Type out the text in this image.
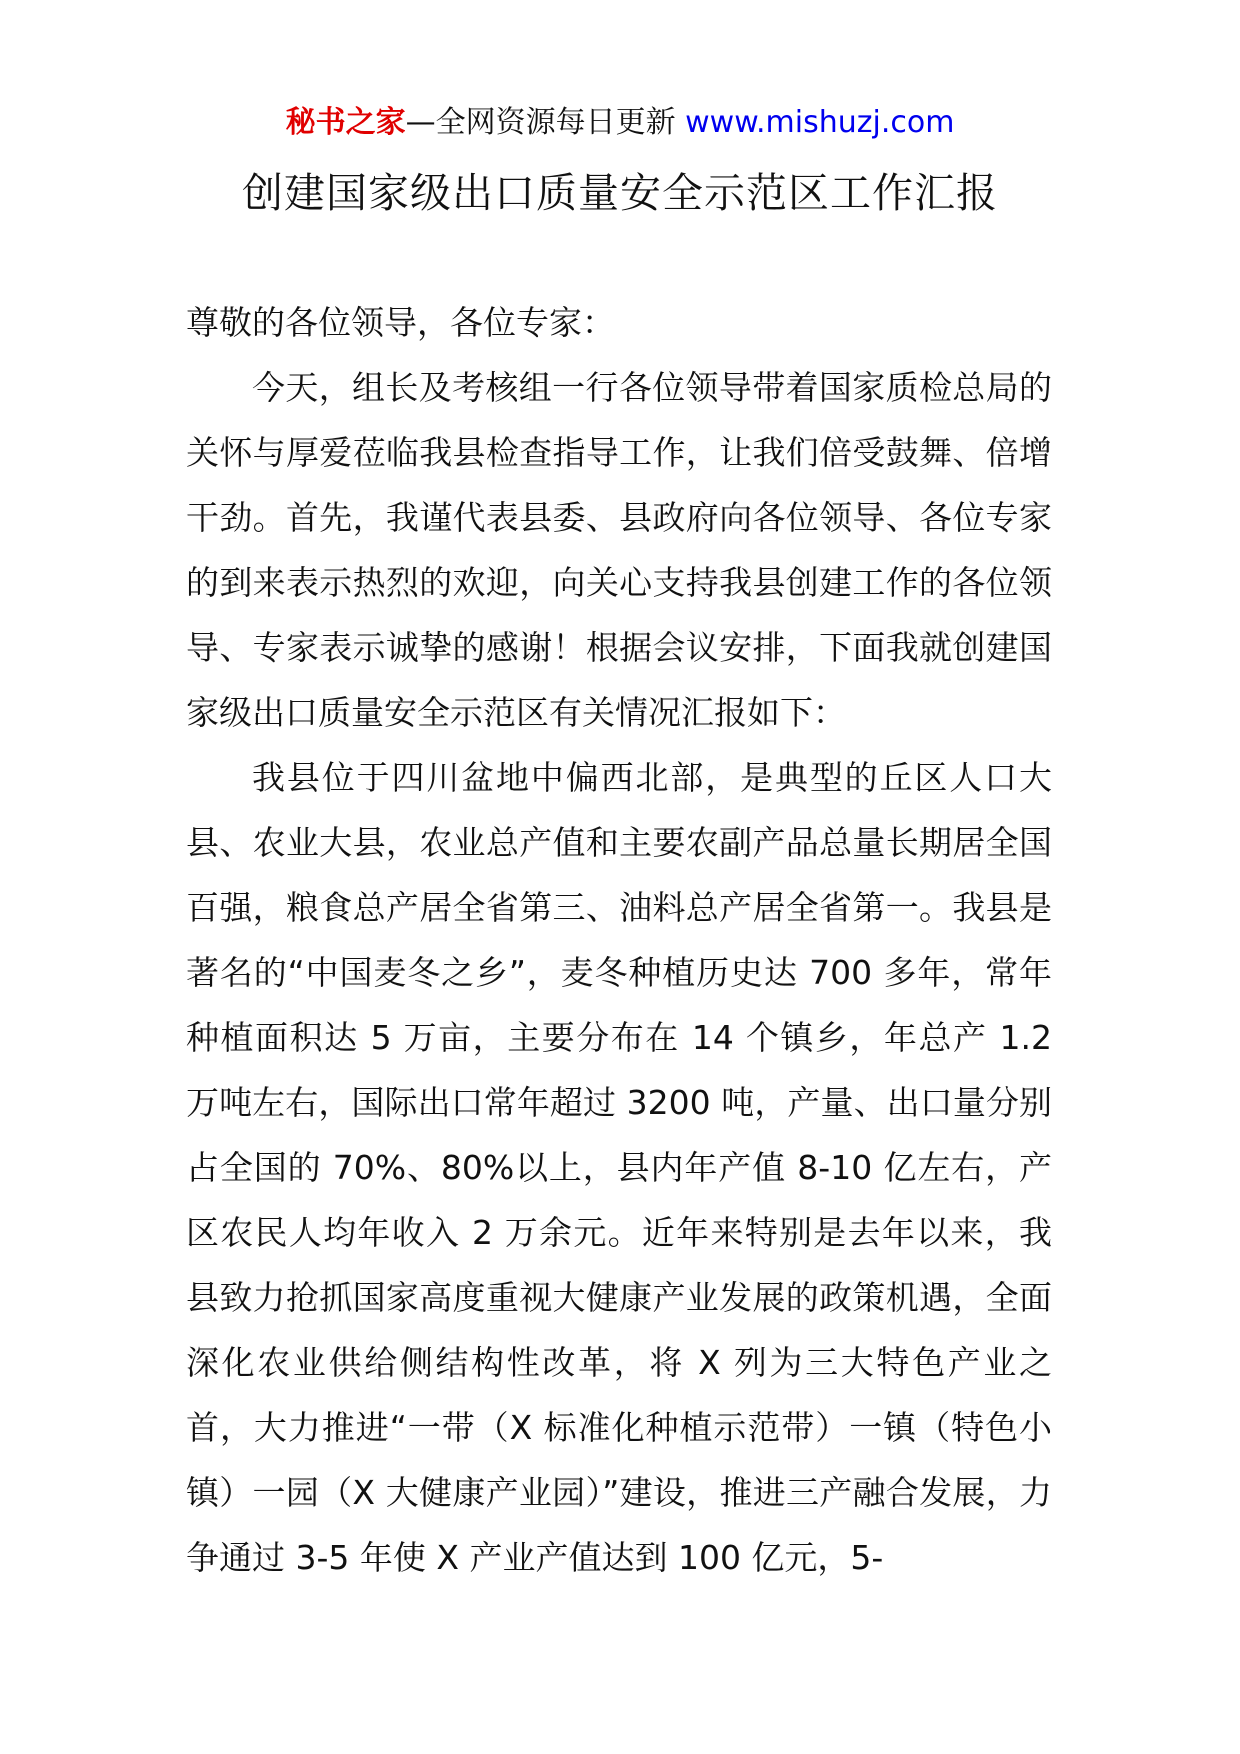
秘书之家—全网资源每日更新 www.mishuzj.com
创建国家级出口质量安全示范区工作汇报

尊敬的各位领导，各位专家：

今天，组长及考核组一行各位领导带着国家质检总局的关怀与厚爱莅临我县检查指导工作，让我们倍受鼓舞、倍增干劲。首先，我谨代表县委、县政府向各位领导、各位专家的到来表示热烈的欢迎，向关心支持我县创建工作的各位领导、专家表示诚挚的感谢！根据会议安排，下面我就创建国家级出口质量安全示范区有关情况汇报如下：

我县位于四川盆地中偏西北部，是典型的丘区人口大县、农业大县，农业总产值和主要农副产品总量长期居全国百强，粮食总产居全省第三、油料总产居全省第一。我县是著名的“中国麦冬之乡”，麦冬种植历史达 700 多年，常年种植面积达 5 万亩，主要分布在 14 个镇乡，年总产 1.2 万吨左右，国际出口常年超过 3200 吨，产量、出口量分别占全国的 70%、80%以上，县内年产值 8-10 亿左右，产区农民人均年收入 2 万余元。近年来特别是去年以来，我县致力抢抓国家高度重视大健康产业发展的政策机遇，全面深化农业供给侧结构性改革，将 X 列为三大特色产业之首，大力推进“一带（X 标准化种植示范带）一镇（特色小镇）一园（X 大健康产业园）”建设，推进三产融合发展，力争通过 3-5 年使 X 产业产值达到 100 亿元，5-
